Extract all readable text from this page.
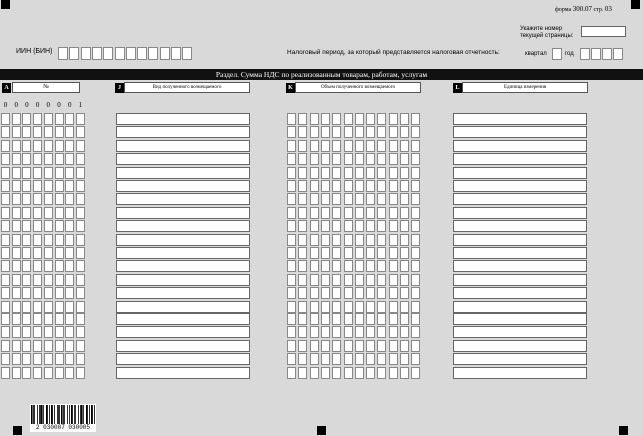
форма 300.07 стр. 03
Укажите номер
текущей страницы:
ИИН (БИН)	Налоговый период, за который представляется налоговая отчетность:	квартал	год
Раздел. Сумма НДС по реализованным товарам, работам, услугам
A	№	J	Вид полученного возмещаемого	K	Объем полученного возмещаемого	L	Единица измерения
0 0 0 0 0 0 0 1
2 030007 030005
